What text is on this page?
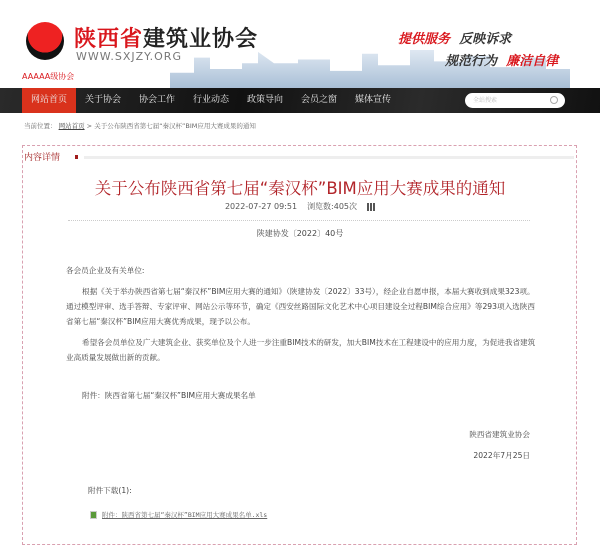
陕西省建筑业协会
WWW.SXJZY.ORG
AAAAA级协会
提供服务 反映诉求
规范行为 廉洁自律
网站首页	关于协会	协会工作	行业动态	政策导向	会员之窗	媒体宣传	全站搜索
当前位置： 网站首页 > 关于公布陕西省第七届“秦汉杯”BIM应用大赛成果的通知
内容详情
关于公布陕西省第七届“秦汉杯”BIM应用大赛成果的通知
2022-07-27 09:51 浏览数:405次
陕建协发〔2022〕40号
各会员企业及有关单位:
根据《关于举办陕西省第七届“秦汉杯”BIM应用大赛的通知》（陕建协发〔2022〕33号），经企业自愿申报，本届大赛收到成果323项。通过模型评审、选手答辩、专家评审、网站公示等环节，确定《西安丝路国际文化艺术中心项目建设全过程BIM综合应用》等293项入选陕西省第七届“秦汉杯”BIM应用大赛优秀成果，现予以公布。
希望各会员单位及广大建筑企业、获奖单位及个人进一步注重BIM技术的研发，加大BIM技术在工程建设中的应用力度，为促进我省建筑业高质量发展做出新的贡献。
附件：陕西省第七届“秦汉杯”BIM应用大赛成果名单
陕西省建筑业协会
2022年7月25日
附件下载(1):
附件：陕西省第七届“秦汉杯”BIM应用大赛成果名单.xls
